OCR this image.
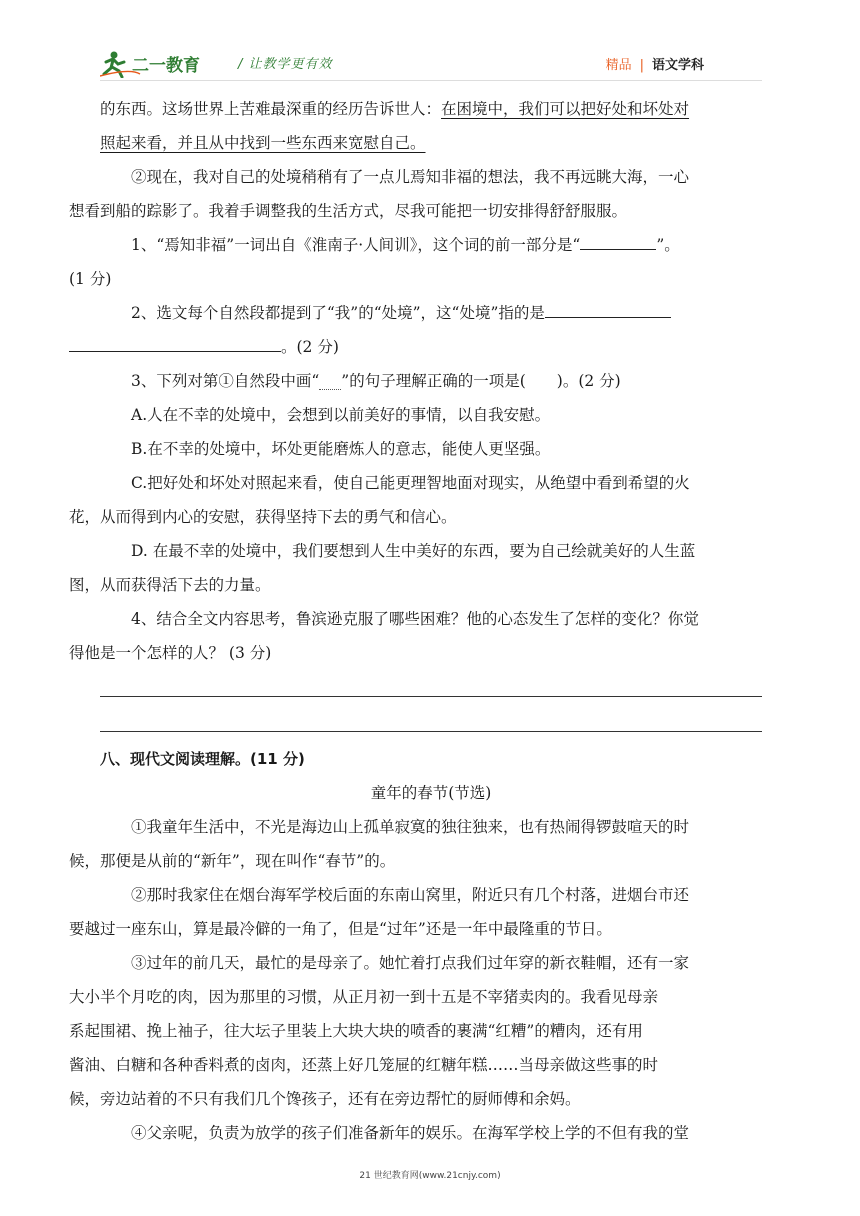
二一教育	/ 让教学更有效	精品 | 语文学科

的东西。这场世界上苦难最深重的经历告诉世人：在困境中，我们可以把好处和坏处对
照起来看，并且从中找到一些东西来宽慰自己。

②现在，我对自己的处境稍稍有了一点儿焉知非福的想法，我不再远眺大海，一心
想看到船的踪影了。我着手调整我的生活方式，尽我可能把一切安排得舒舒服服。

1、“焉知非福”一词出自《淮南子·人间训》，这个词的前一部分是“	”。
(1 分)

2、选文每个自然段都提到了“我”的“处境”，这“处境”指的是
。(2 分)

3、下列对第①自然段中画“ ”的句子理解正确的一项是(　　)。(2 分)

A.人在不幸的处境中，会想到以前美好的事情，以自我安慰。

B.在不幸的处境中，坏处更能磨炼人的意志，能使人更坚强。

C.把好处和坏处对照起来看，使自己能更理智地面对现实，从绝望中看到希望的火
花，从而得到内心的安慰，获得坚持下去的勇气和信心。

D. 在最不幸的处境中，我们要想到人生中美好的东西，要为自己绘就美好的人生蓝
图，从而获得活下去的力量。

4、结合全文内容思考，鲁滨逊克服了哪些困难？他的心态发生了怎样的变化？你觉
得他是一个怎样的人？ (3 分)

八、现代文阅读理解。(11 分)

童年的春节(节选)

①我童年生活中，不光是海边山上孤单寂寞的独往独来，也有热闹得锣鼓喧天的时
候，那便是从前的“新年”，现在叫作“春节”的。

②那时我家住在烟台海军学校后面的东南山窝里，附近只有几个村落，进烟台市还
要越过一座东山，算是最冷僻的一角了，但是“过年”还是一年中最隆重的节日。

③过年的前几天，最忙的是母亲了。她忙着打点我们过年穿的新衣鞋帽，还有一家
大小半个月吃的肉，因为那里的习惯，从正月初一到十五是不宰猪卖肉的。我看见母亲
系起围裙、挽上袖子，往大坛子里装上大块大块的喷香的裹满“红糟”的糟肉，还有用
酱油、白糖和各种香料煮的卤肉，还蒸上好几笼屉的红糖年糕……当母亲做这些事的时
候，旁边站着的不只有我们几个馋孩子，还有在旁边帮忙的厨师傅和余妈。

④父亲呢，负责为放学的孩子们准备新年的娱乐。在海军学校上学的不但有我的堂

21 世纪教育网(www.21cnjy.com)
